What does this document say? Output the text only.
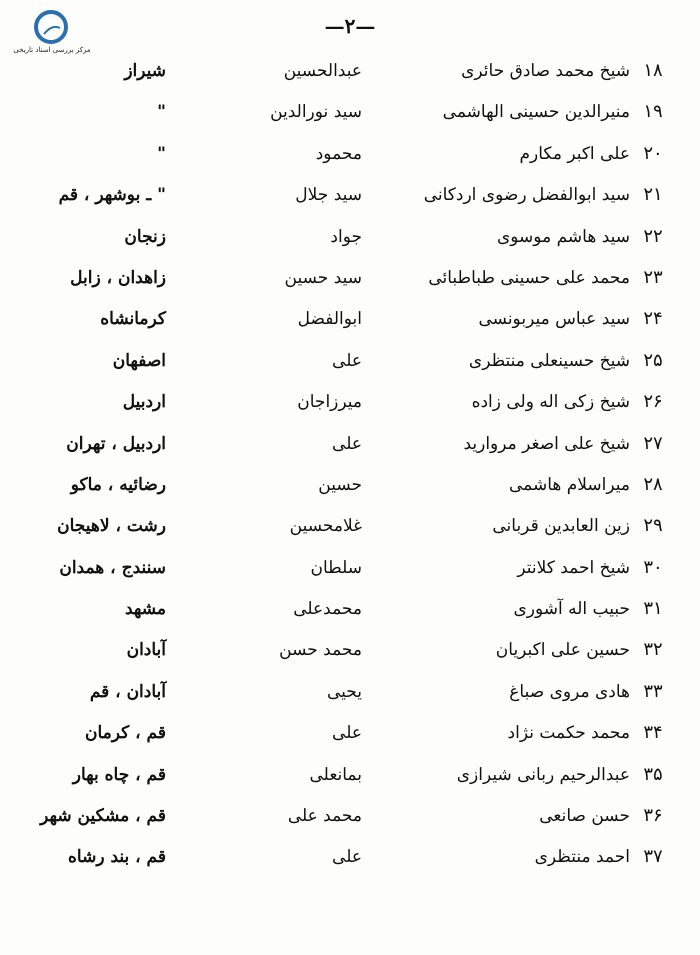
مرکز بررسی اسناد تاریخی
—۲—
۱۸
شیخ محمد صادق حائری
عبدالحسین
شیراز
۱۹
منیرالدین حسینی الهاشمی
سید نورالدین
"
۲۰
علی اکبر مکارم
محمود
"
۲۱
سید ابوالفضل رضوی اردکانی
سید جلال
" ـ بوشهر ، قم
۲۲
سید هاشم موسوی
جواد
زنجان
۲۳
محمد علی حسینی طباطبائی
سید حسین
زاهدان ، زابل
۲۴
سید عباس میربونسی
ابوالفضل
کرمانشاه
۲۵
شیخ حسینعلی منتظری
علی
اصفهان
۲۶
شیخ زکی اله ولی زاده
میرزاجان
اردبیل
۲۷
شیخ علی اصغر مروارید
علی
اردبیل ، تهران
۲۸
میراسلام هاشمی
حسین
رضائیه ، ماکو
۲۹
زین العابدین قربانی
غلامحسین
رشت ، لاهیجان
۳۰
شیخ احمد کلانتر
سلطان
سنندج ، همدان
۳۱
حبیب اله آشوری
محمدعلی
مشهد
۳۲
حسین علی اکبریان
محمد حسن
آبادان
۳۳
هادی مروی صباغ
یحیی
آبادان ، قم
۳۴
محمد حکمت نژاد
علی
قم ، کرمان
۳۵
عبدالرحیم ربانی شیرازی
بمانعلی
قم ، چاه بهار
۳۶
حسن صانعی
محمد علی
قم ، مشکین شهر
۳۷
احمد منتظری
علی
قم ، بند رشاه
